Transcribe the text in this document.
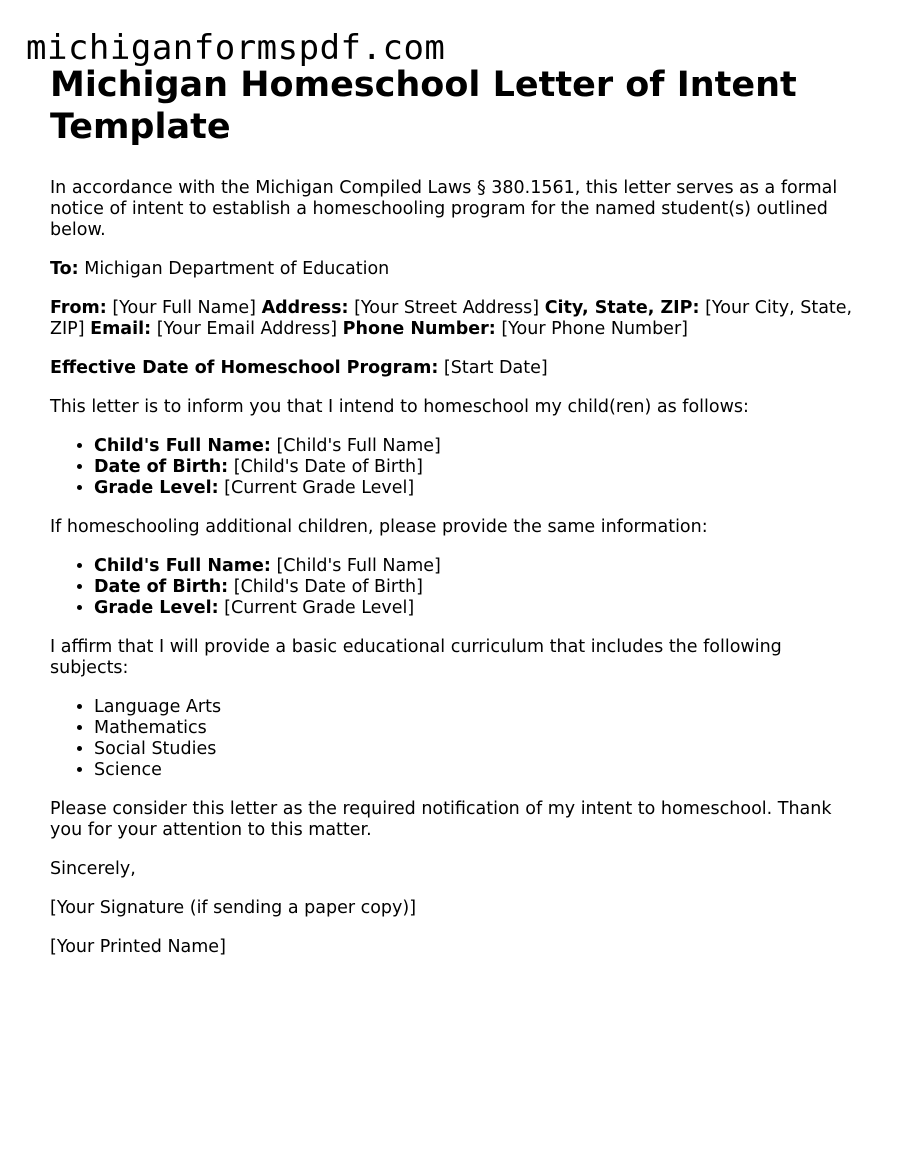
michiganformspdf.com
Michigan Homeschool Letter of Intent Template

In accordance with the Michigan Compiled Laws § 380.1561, this letter serves as a formal notice of intent to establish a homeschooling program for the named student(s) outlined below.

To: Michigan Department of Education

From: [Your Full Name] Address: [Your Street Address] City, State, ZIP: [Your City, State, ZIP] Email: [Your Email Address] Phone Number: [Your Phone Number]

Effective Date of Homeschool Program: [Start Date]

This letter is to inform you that I intend to homeschool my child(ren) as follows:

• Child's Full Name: [Child's Full Name]
• Date of Birth: [Child's Date of Birth]
• Grade Level: [Current Grade Level]

If homeschooling additional children, please provide the same information:

• Child's Full Name: [Child's Full Name]
• Date of Birth: [Child's Date of Birth]
• Grade Level: [Current Grade Level]

I affirm that I will provide a basic educational curriculum that includes the following subjects:

• Language Arts
• Mathematics
• Social Studies
• Science

Please consider this letter as the required notification of my intent to homeschool. Thank you for your attention to this matter.

Sincerely,

[Your Signature (if sending a paper copy)]

[Your Printed Name]
